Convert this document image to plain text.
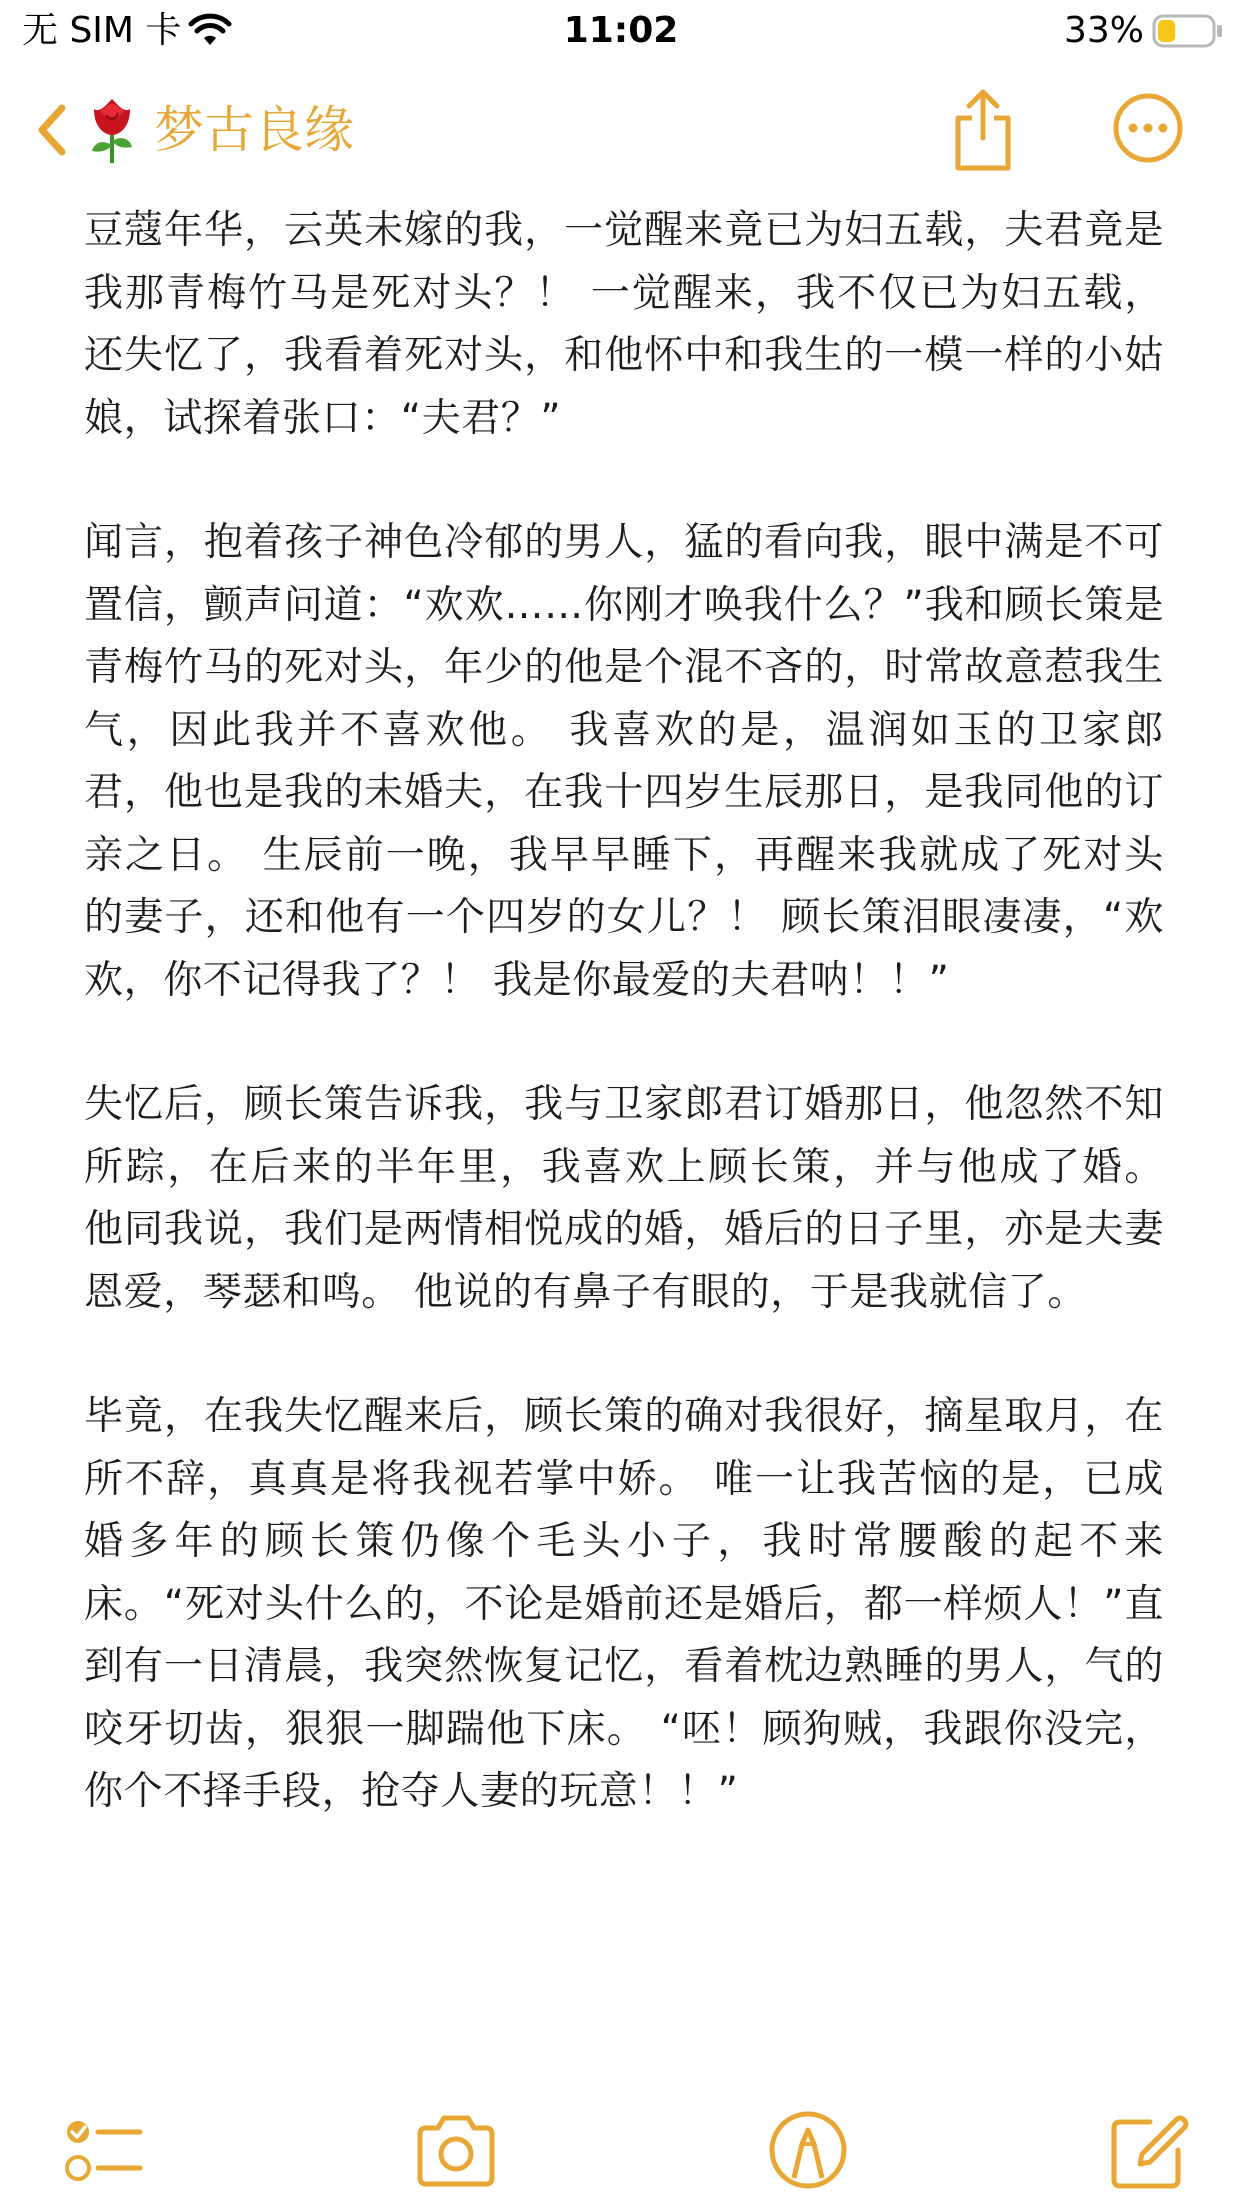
无 SIM 卡	11:02	33%
梦古良缘

豆蔻年华，云英未嫁的我，一觉醒来竟已为妇五载，夫君竟是我那青梅竹马是死对头？！ 一觉醒来，我不仅已为妇五载，还失忆了，我看着死对头，和他怀中和我生的一模一样的小姑娘，试探着张口：“夫君？”

闻言，抱着孩子神色冷郁的男人，猛的看向我，眼中满是不可置信，颤声问道：“欢欢……你刚才唤我什么？”我和顾长策是青梅竹马的死对头，年少的他是个混不吝的，时常故意惹我生气，因此我并不喜欢他。 我喜欢的是，温润如玉的卫家郎君，他也是我的未婚夫，在我十四岁生辰那日，是我同他的订亲之日。 生辰前一晚，我早早睡下，再醒来我就成了死对头的妻子，还和他有一个四岁的女儿？！ 顾长策泪眼凄凄，“欢欢，你不记得我了？！ 我是你最爱的夫君呐！！”

失忆后，顾长策告诉我，我与卫家郎君订婚那日，他忽然不知所踪，在后来的半年里，我喜欢上顾长策，并与他成了婚。 他同我说，我们是两情相悦成的婚，婚后的日子里，亦是夫妻恩爱，琴瑟和鸣。 他说的有鼻子有眼的，于是我就信了。

毕竟，在我失忆醒来后，顾长策的确对我很好，摘星取月，在所不辞，真真是将我视若掌中娇。 唯一让我苦恼的是，已成婚多年的顾长策仍像个毛头小子，我时常腰酸的起不来床。“死对头什么的，不论是婚前还是婚后，都一样烦人！”直到有一日清晨，我突然恢复记忆，看着枕边熟睡的男人，气的咬牙切齿，狠狠一脚踹他下床。 “呸！顾狗贼，我跟你没完，你个不择手段，抢夺人妻的玩意！！”
